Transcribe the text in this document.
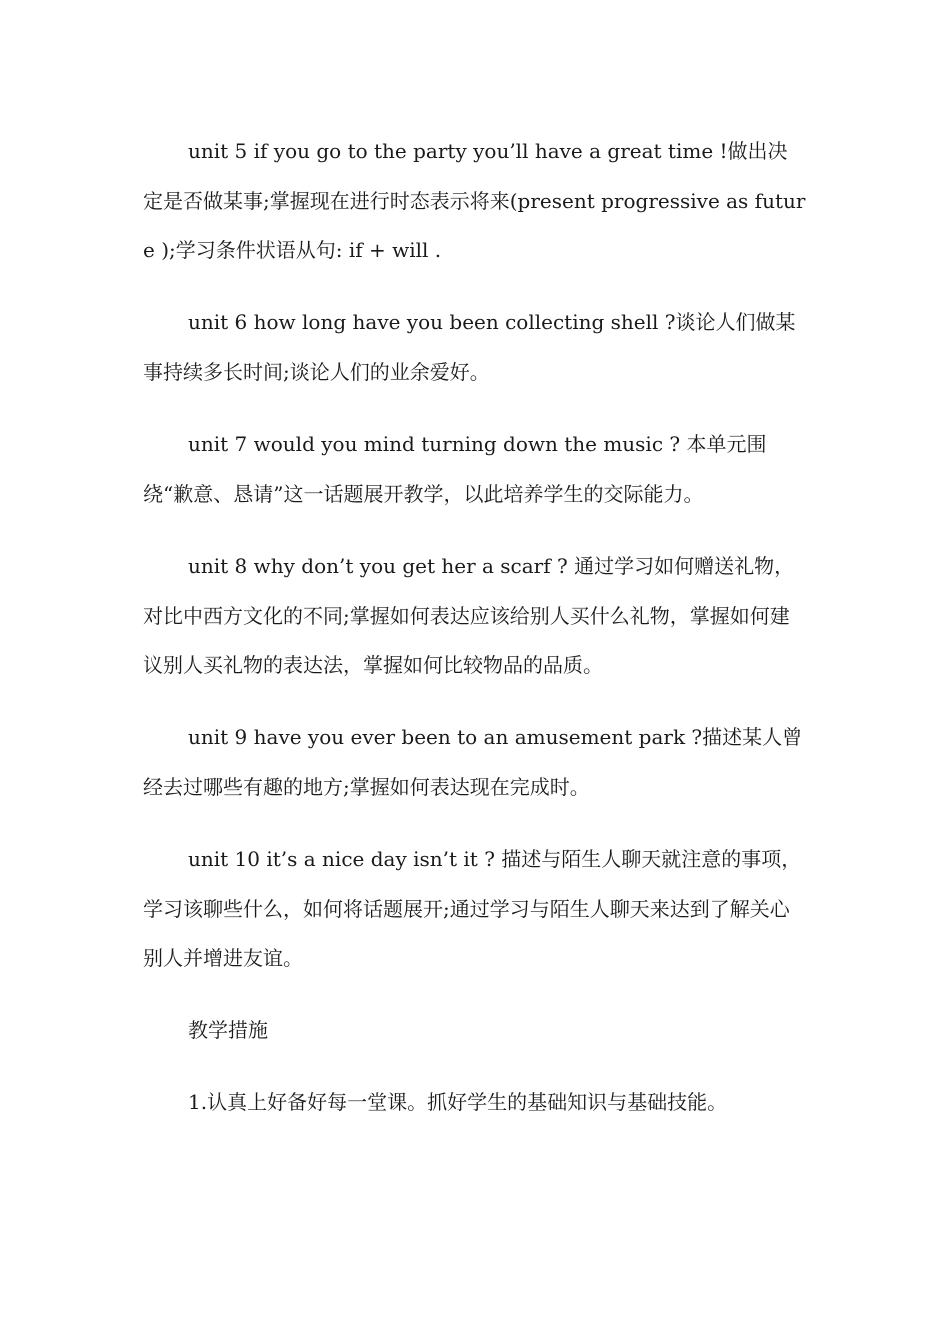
unit 5 if you go to the party you’ll have a great time !做出决定是否做某事;掌握现在进行时态表示将来(present progressive as future );学习条件状语从句: if + will .

unit 6 how long have you been collecting shell ?谈论人们做某事持续多长时间;谈论人们的业余爱好。

unit 7 would you mind turning down the music ? 本单元围绕“歉意、恳请”这一话题展开教学，以此培养学生的交际能力。

unit 8 why don’t you get her a scarf ? 通过学习如何赠送礼物，对比中西方文化的不同;掌握如何表达应该给别人买什么礼物，掌握如何建议别人买礼物的表达法，掌握如何比较物品的品质。

unit 9 have you ever been to an amusement park ?描述某人曾经去过哪些有趣的地方;掌握如何表达现在完成时。

unit 10 it’s a nice day isn’t it ? 描述与陌生人聊天就注意的事项，学习该聊些什么，如何将话题展开;通过学习与陌生人聊天来达到了解关心别人并增进友谊。

教学措施

1.认真上好备好每一堂课。抓好学生的基础知识与基础技能。
